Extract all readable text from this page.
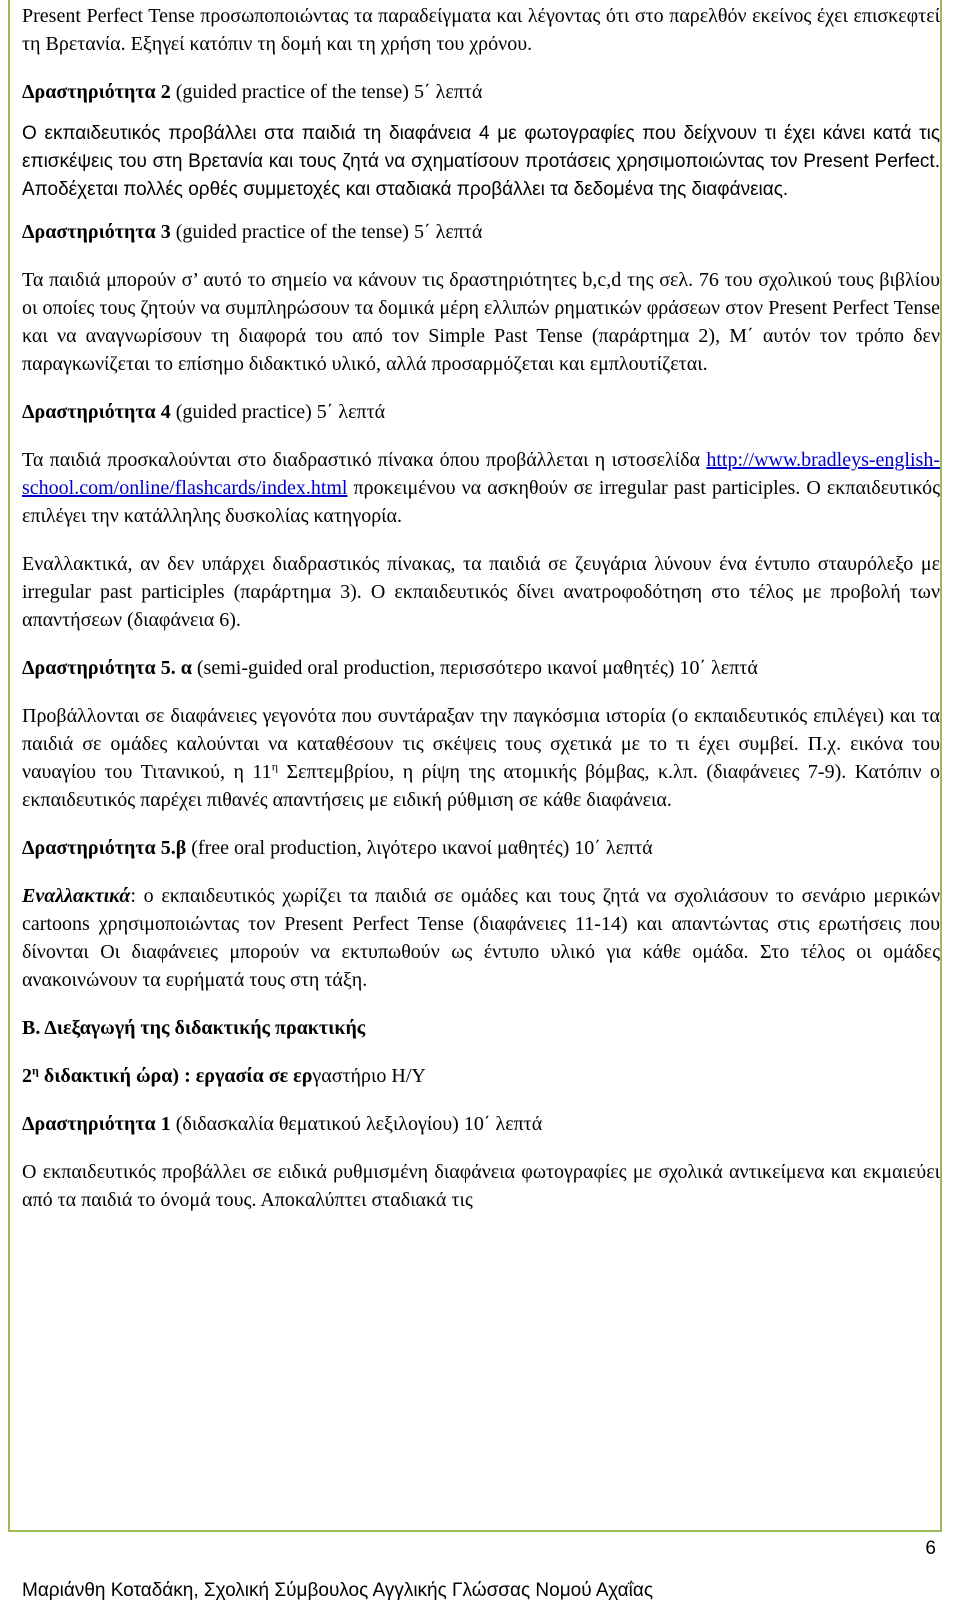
Present Perfect Tense προσωποποιώντας τα παραδείγματα και λέγοντας ότι στο παρελθόν εκείνος έχει επισκεφτεί τη Βρετανία. Εξηγεί κατόπιν τη δομή και τη χρήση του χρόνου.

Δραστηριότητα 2 (guided practice of the tense) 5΄ λεπτά

Ο εκπαιδευτικός προβάλλει στα παιδιά τη διαφάνεια 4 με φωτογραφίες που δείχνουν τι έχει κάνει κατά τις επισκέψεις του στη Βρετανία και τους ζητά να σχηματίσουν προτάσεις χρησιμοποιώντας τον Present Perfect. Αποδέχεται πολλές ορθές συμμετοχές και σταδιακά προβάλλει τα δεδομένα της διαφάνειας.

Δραστηριότητα 3 (guided practice of the tense) 5΄ λεπτά

Τα παιδιά μπορούν σ’ αυτό το σημείο να κάνουν τις δραστηριότητες b,c,d της σελ. 76 του σχολικού τους βιβλίου οι οποίες τους ζητούν να συμπληρώσουν τα δομικά μέρη ελλιπών ρηματικών φράσεων στον Present Perfect Tense και να αναγνωρίσουν τη διαφορά του από τον Simple Past Tense (παράρτημα 2), Μ΄ αυτόν τον τρόπο δεν παραγκωνίζεται το επίσημο διδακτικό υλικό, αλλά προσαρμόζεται και εμπλουτίζεται.

Δραστηριότητα 4 (guided practice) 5΄ λεπτά

Τα παιδιά προσκαλούνται στο διαδραστικό πίνακα όπου προβάλλεται η ιστοσελίδα http://www.bradleys-english-school.com/online/flashcards/index.html προκειμένου να ασκηθούν σε irregular past participles. Ο εκπαιδευτικός επιλέγει την κατάλληλης δυσκολίας κατηγορία.

Εναλλακτικά, αν δεν υπάρχει διαδραστικός πίνακας, τα παιδιά σε ζευγάρια λύνουν ένα έντυπο σταυρόλεξο με irregular past participles (παράρτημα 3). Ο εκπαιδευτικός δίνει ανατροφοδότηση στο τέλος με προβολή των απαντήσεων (διαφάνεια 6).

Δραστηριότητα 5. α (semi-guided oral production, περισσότερο ικανοί μαθητές) 10΄ λεπτά

Προβάλλονται σε διαφάνειες γεγονότα που συντάραξαν την παγκόσμια ιστορία (ο εκπαιδευτικός επιλέγει) και τα παιδιά σε ομάδες καλούνται να καταθέσουν τις σκέψεις τους σχετικά με το τι έχει συμβεί. Π.χ. εικόνα του ναυαγίου του Τιτανικού, η $11^\eta$ Σεπτεμβρίου, η ρίψη της ατομικής βόμβας, κ.λπ. (διαφάνειες 7-9). Κατόπιν ο εκπαιδευτικός παρέχει πιθανές απαντήσεις με ειδική ρύθμιση σε κάθε διαφάνεια.

Δραστηριότητα 5.β (free oral production, λιγότερο ικανοί μαθητές) 10΄ λεπτά

Εναλλακτικά: ο εκπαιδευτικός χωρίζει τα παιδιά σε ομάδες και τους ζητά να σχολιάσουν το σενάριο μερικών cartoons χρησιμοποιώντας τον Present Perfect Tense (διαφάνειες 11-14) και απαντώντας στις ερωτήσεις που δίνονται Οι διαφάνειες μπορούν να εκτυπωθούν ως έντυπο υλικό για κάθε ομάδα. Στο τέλος οι ομάδες ανακοινώνουν τα ευρήματά τους στη τάξη.

Β. Διεξαγωγή της διδακτικής πρακτικής

$2^\eta$ διδακτική ώρα) : εργασία σε εργαστήριο Η/Υ

Δραστηριότητα 1 (διδασκαλία θεματικού λεξιλογίου) 10΄ λεπτά

Ο εκπαιδευτικός προβάλλει σε ειδικά ρυθμισμένη διαφάνεια φωτογραφίες με σχολικά αντικείμενα και εκμαιεύει από τα παιδιά το όνομά τους. Αποκαλύπτει σταδιακά τις

6
Μαριάνθη Κοταδάκη, Σχολική Σύμβουλος Αγγλικής Γλώσσας Νομού Αχαΐας
